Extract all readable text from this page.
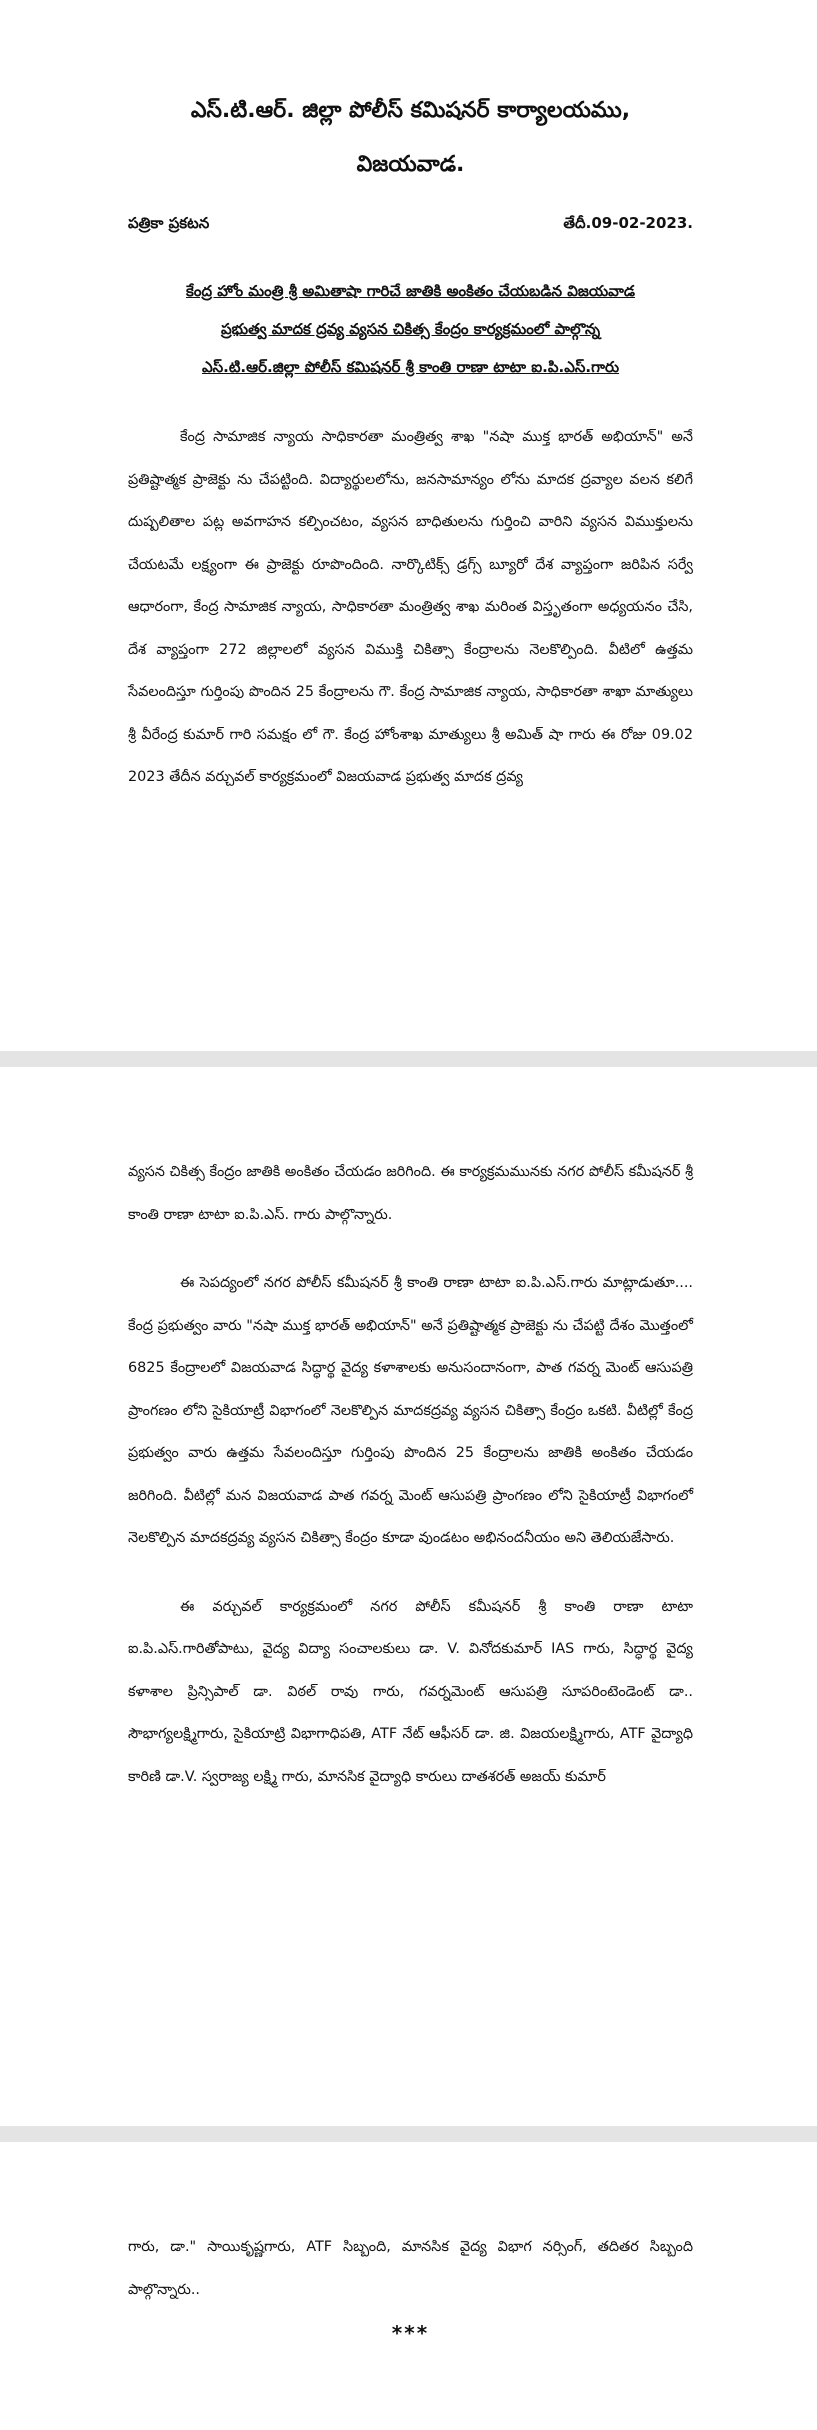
ఎస్.టి.ఆర్. జిల్లా పోలీస్ కమిషనర్ కార్యాలయము,
విజయవాడ.
పత్రికా ప్రకటన	తేదీ.09-02-2023.
కేంద్ర హోం మంత్రి శ్రీ అమితాషా గారిచే జాతికి అంకితం చేయబడిన విజయవాడ
ప్రభుత్వ మాదక ద్రవ్య వ్యసన చికిత్స కేంద్రం కార్యక్రమంలో పాల్గొన్న
ఎస్.టి.ఆర్.జిల్లా పోలీస్ కమిషనర్ శ్రీ కాంతి రాణా టాటా ఐ.పి.ఎస్.గారు

కేంద్ర సామాజిక న్యాయ సాధికారతా మంత్రిత్వ శాఖ "నషా ముక్త భారత్ అభియాన్" అనే ప్రతిష్టాత్మక ప్రాజెక్టు ను చేపట్టింది. విద్యార్థులలోను, జనసామాన్యం లోను మాదక ద్రవ్యాల వలన కలిగే దుష్పలితాల పట్ల అవగాహన కల్పించటం, వ్యసన బాధితులను గుర్తించి వారిని వ్యసన విముక్తులను చేయటమే లక్ష్యంగా ఈ ప్రాజెక్టు రూపొందింది. నార్కొటిక్స్ డ్రగ్స్ బ్యూరో దేశ వ్యాప్తంగా జరిపిన సర్వే ఆధారంగా, కేంద్ర సామాజిక న్యాయ, సాధికారతా మంత్రిత్వ శాఖ మరింత విస్తృతంగా అధ్యయనం చేసి, దేశ వ్యాప్తంగా 272 జిల్లాలలో వ్యసన విముక్తి చికిత్సా కేంద్రాలను నెలకొల్పింది. వీటిలో ఉత్తమ సేవలందిస్తూ గుర్తింపు పొందిన 25 కేంద్రాలను గౌ. కేంద్ర సామాజిక న్యాయ, సాధికారతా శాఖా మాత్యులు శ్రీ వీరేంద్ర కుమార్ గారి సమక్షం లో గౌ. కేంద్ర హోంశాఖ మాత్యులు శ్రీ అమిత్ షా గారు ఈ రోజు 09.02 2023 తేదీన వర్చువల్ కార్యక్రమంలో విజయవాడ ప్రభుత్వ మాదక ద్రవ్య

వ్యసన చికిత్స కేంద్రం జాతికి అంకితం చేయడం జరిగింది. ఈ కార్యక్రమమునకు నగర పోలీస్ కమీషనర్ శ్రీ కాంతి రాణా టాటా ఐ.పి.ఎస్. గారు పాల్గొన్నారు.

ఈ సెపద్యంలో నగర పోలీస్ కమీషనర్ శ్రీ కాంతి రాణా టాటా ఐ.పి.ఎస్.గారు మాట్లాడుతూ.... కేంద్ర ప్రభుత్వం వారు "నషా ముక్త భారత్ అభియాన్" అనే ప్రతిష్టాత్మక ప్రాజెక్టు ను చేపట్టి దేశం మొత్తంలో 6825 కేంద్రాలలో విజయవాడ సిద్ధార్థ వైద్య కళాశాలకు అనుసందానంగా, పాత గవర్న మెంట్ ఆసుపత్రి ప్రాంగణం లోని సైకియాట్రీ విభాగంలో నెలకొల్పిన మాదకద్రవ్య వ్యసన చికిత్సా కేంద్రం ఒకటి. వీటిల్లో కేంద్ర ప్రభుత్వం వారు ఉత్తమ సేవలందిస్తూ గుర్తింపు పొందిన 25 కేంద్రాలను జాతికి అంకితం చేయడం జరిగింది. వీటిల్లో మన విజయవాడ పాత గవర్న మెంట్ ఆసుపత్రి ప్రాంగణం లోని సైకియాట్రీ విభాగంలో నెలకొల్పిన మాదకద్రవ్య వ్యసన చికిత్సా కేంద్రం కూడా వుండటం అభినందనీయం అని తెలియజేసారు.

ఈ వర్చువల్ కార్యక్రమంలో నగర పోలీస్ కమీషనర్ శ్రీ కాంతి రాణా టాటా ఐ.పి.ఎస్.గారితోపాటు, వైద్య విద్యా సంచాలకులు డా. V. వినోదకుమార్ IAS గారు, సిద్ధార్థ వైద్య కళాశాల ప్రిన్సిపాల్ డా. విఠల్ రావు గారు, గవర్నమెంట్ ఆసుపత్రి సూపరింటెండెంట్ డా.. సౌభాగ్యలక్ష్మిగారు, సైకియాట్రి విభాగాధిపతి, ATF నేట్ ఆఫీసర్ డా. జి. విజయలక్ష్మిగారు, ATF వైద్యాధి కారిణి డా.V. స్వరాజ్య లక్ష్మి గారు, మానసిక వైద్యాధి కారులు దాతశరత్ అజయ్ కుమార్

గారు, డా." సాయికృష్ణగారు, ATF సిబ్బంది, మానసిక వైద్య విభాగ నర్సింగ్, తదితర సిబ్బంది పాల్గొన్నారు..

***
